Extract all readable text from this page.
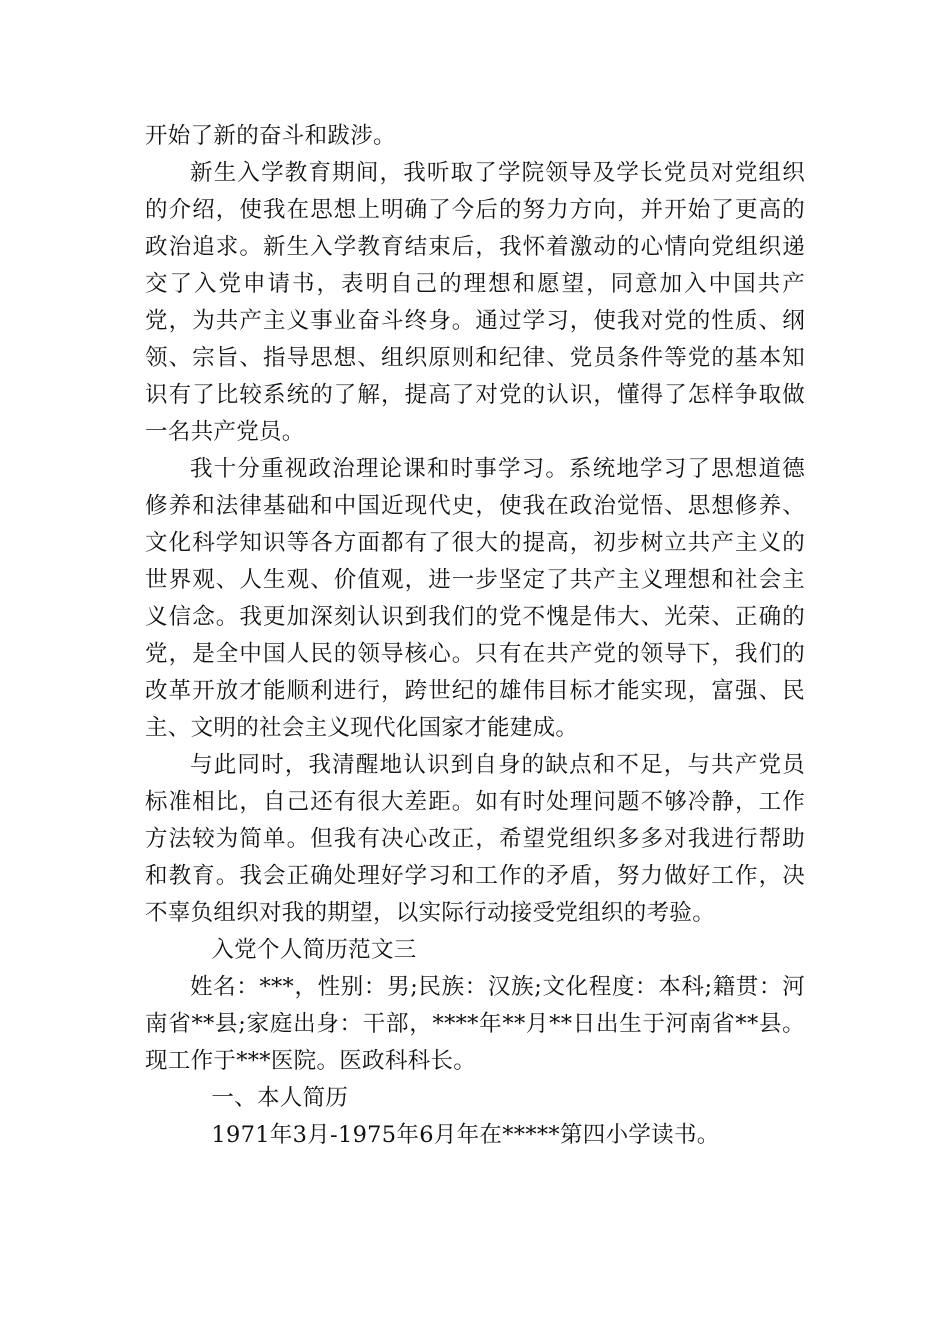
开始了新的奋斗和跋涉。

新生入学教育期间，我听取了学院领导及学长党员对党组织的介绍，使我在思想上明确了今后的努力方向，并开始了更高的政治追求。新生入学教育结束后，我怀着激动的心情向党组织递交了入党申请书，表明自己的理想和愿望，同意加入中国共产党，为共产主义事业奋斗终身。通过学习，使我对党的性质、纲领、宗旨、指导思想、组织原则和纪律、党员条件等党的基本知识有了比较系统的了解，提高了对党的认识，懂得了怎样争取做一名共产党员。

我十分重视政治理论课和时事学习。系统地学习了思想道德修养和法律基础和中国近现代史，使我在政治觉悟、思想修养、文化科学知识等各方面都有了很大的提高，初步树立共产主义的世界观、人生观、价值观，进一步坚定了共产主义理想和社会主义信念。我更加深刻认识到我们的党不愧是伟大、光荣、正确的党，是全中国人民的领导核心。只有在共产党的领导下，我们的改革开放才能顺利进行，跨世纪的雄伟目标才能实现，富强、民主、文明的社会主义现代化国家才能建成。

与此同时，我清醒地认识到自身的缺点和不足，与共产党员标准相比，自己还有很大差距。如有时处理问题不够冷静，工作方法较为简单。但我有决心改正，希望党组织多多对我进行帮助和教育。我会正确处理好学习和工作的矛盾，努力做好工作，决不辜负组织对我的期望，以实际行动接受党组织的考验。

入党个人简历范文三

姓名：***，性别：男;民族：汉族;文化程度：本科;籍贯：河南省**县;家庭出身：干部，****年**月**日出生于河南省**县。现工作于***医院。医政科科长。

一、本人简历

1971年3月-1975年6月年在*****第四小学读书。
